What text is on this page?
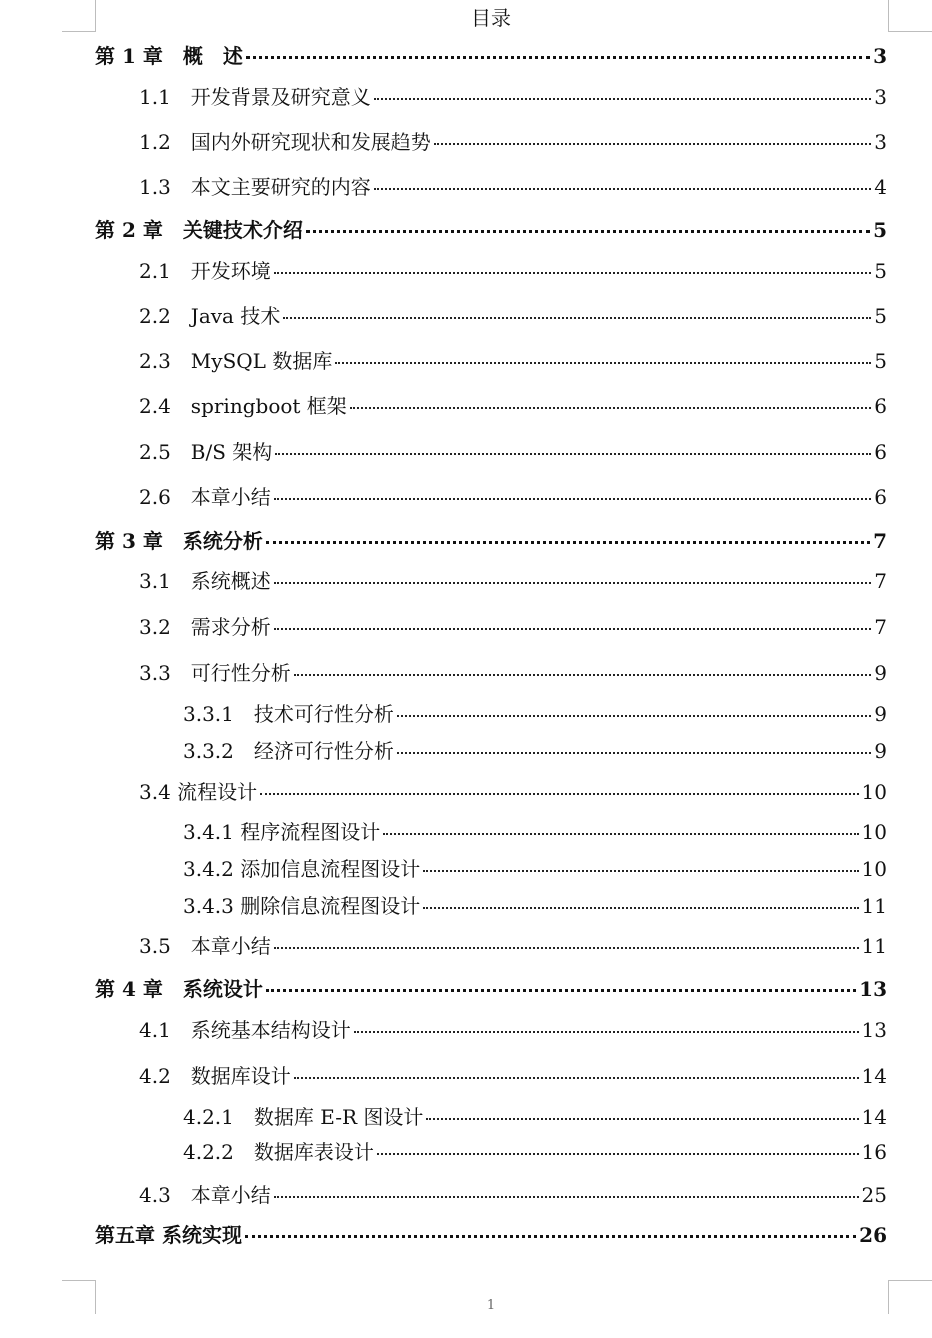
目录
第 1 章　概　述	3
1.1　开发背景及研究意义	3
1.2　国内外研究现状和发展趋势	3
1.3　本文主要研究的内容	4
第 2 章　关键技术介绍	5
2.1　开发环境	5
2.2　Java 技术	5
2.3　MySQL 数据库	5
2.4　springboot 框架	6
2.5　B/S 架构	6
2.6　本章小结	6
第 3 章　系统分析	7
3.1　系统概述	7
3.2　需求分析	7
3.3　可行性分析	9
3.3.1　技术可行性分析	9
3.3.2　经济可行性分析	9
3.4 流程设计	10
3.4.1 程序流程图设计	10
3.4.2 添加信息流程图设计	10
3.4.3 删除信息流程图设计	11
3.5　本章小结	11
第 4 章　系统设计	13
4.1　系统基本结构设计	13
4.2　数据库设计	14
4.2.1　数据库 E-R 图设计	14
4.2.2　数据库表设计	16
4.3　本章小结	25
第五章 系统实现	26
1
